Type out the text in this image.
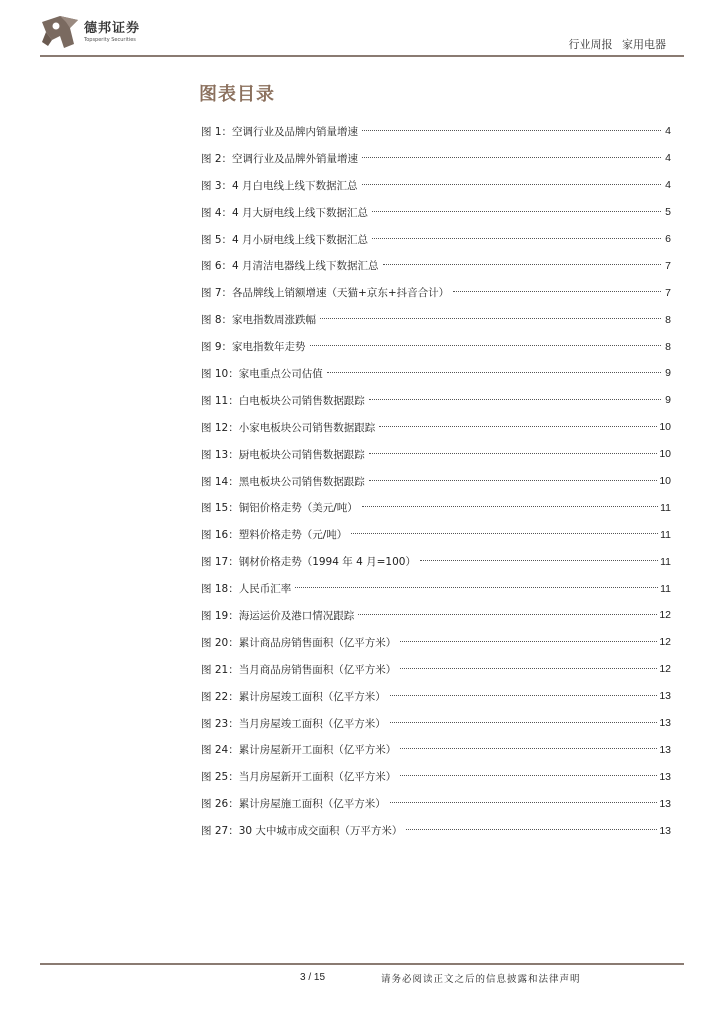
德邦证券
Topsperity Securities	行业周报 家用电器
图表目录
图 1：空调行业及品牌内销量增速	4
图 2：空调行业及品牌外销量增速	4
图 3：4 月白电线上线下数据汇总	4
图 4：4 月大厨电线上线下数据汇总	5
图 5：4 月小厨电线上线下数据汇总	6
图 6：4 月清洁电器线上线下数据汇总	7
图 7：各品牌线上销额增速（天猫+京东+抖音合计）	7
图 8：家电指数周涨跌幅	8
图 9：家电指数年走势	8
图 10：家电重点公司估值	9
图 11：白电板块公司销售数据跟踪	9
图 12：小家电板块公司销售数据跟踪	10
图 13：厨电板块公司销售数据跟踪	10
图 14：黑电板块公司销售数据跟踪	10
图 15：铜铝价格走势（美元/吨）	11
图 16：塑料价格走势（元/吨）	11
图 17：钢材价格走势（1994 年 4 月=100）	11
图 18：人民币汇率	11
图 19：海运运价及港口情况跟踪	12
图 20：累计商品房销售面积（亿平方米）	12
图 21：当月商品房销售面积（亿平方米）	12
图 22：累计房屋竣工面积（亿平方米）	13
图 23：当月房屋竣工面积（亿平方米）	13
图 24：累计房屋新开工面积（亿平方米）	13
图 25：当月房屋新开工面积（亿平方米）	13
图 26：累计房屋施工面积（亿平方米）	13
图 27：30 大中城市成交面积（万平方米）	13
3 / 15	请务必阅读正文之后的信息披露和法律声明
